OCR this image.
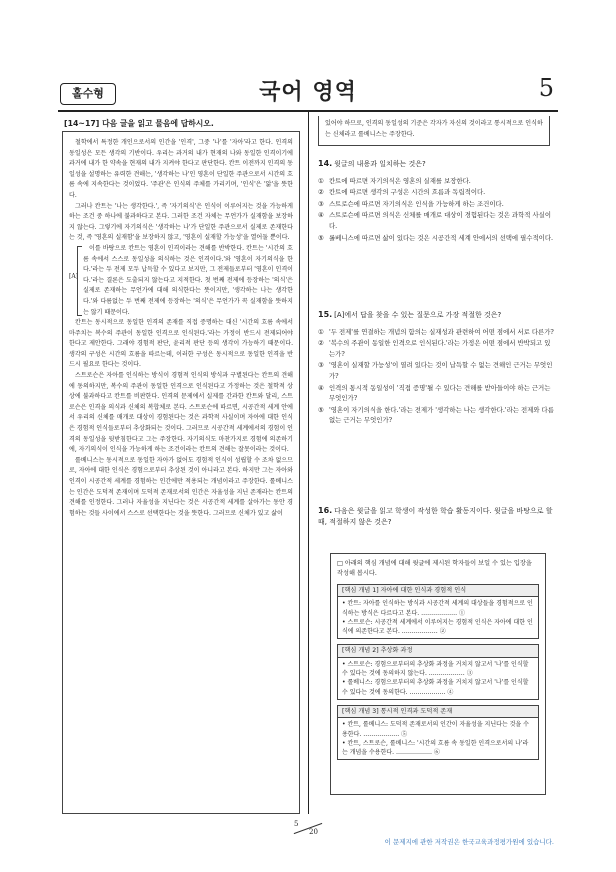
홀수형	국어 영역	5
[14~17] 다음 글을 읽고 물음에 답하시오.

철학에서 특정한 개인으로서의 인간을 '인격', 그중 '나'를 '자아'라고 한다. 인격의 동일성은 모든 생각의 기반이다. 우리는 과거의 내가 현재의 나와 동일한 인격이기에 과거에 내가 한 약속을 현재의 내가 지켜야 한다고 판단한다. 칸트 이전까지 인격의 동일성을 설명하는 유력한 견해는, '생각하는 나'인 영혼이 단일한 주관으로서 시간의 흐름 속에 지속한다는 것이었다. '주관'은 인식의 주체를 가리키며, '인식'은 '앎'을 뜻한다.

그러나 칸트는 '나는 생각한다.', 즉 '자기의식'은 인식이 이루어지는 것을 가능하게 하는 조건 중 하나에 불과하다고 본다. 그러한 조건 자체는 무언가가 실재함을 보장하지 않는다. 그렇기에 자기의식은 '생각하는 나'가 단일한 주관으로서 실제로 존재한다는 것, 즉 '영혼의 실재함'을 보장하지 않고, '영혼이 실재할 가능성'을 열어둘 뿐이다.

[A]

이를 바탕으로 칸트는 영혼이 인격이라는 견해를 반박한다. 칸트는 '시간의 흐름 속에서 스스로 동일성을 의식하는 것은 인격이다.'와 '영혼이 자기의식을 한다.'라는 두 전제 모두 납득할 수 있다고 보지만, 그 전제들로부터 '영혼이 인격이다.'라는 결론은 도출되지 않는다고 지적한다. 첫 번째 전제에 등장하는 '의식'은 실제로 존재하는 무언가에 대해 의식한다는 뜻이지만, '생각하는 나는 생각한다.'와 다름없는 두 번째 전제에 등장하는 '의식'은 무언가가 꼭 실재함을 뜻하지는 않기 때문이다.

칸트는 동시적으로 동일한 인격의 존재를 직접 증명하는 대신 '시간의 흐름 속에서 마주치는 복수의 주관이 동일한 인격으로 인식된다.'라는 가정이 반드시 전제되어야 한다고 제안한다. 그래야 경험적 판단, 윤리적 판단 등의 생각이 가능하기 때문이다. 생각의 구성은 시간의 흐름을 따르는데, 이러한 구성은 동시적으로 동일한 인격을 반드시 필요로 한다는 것이다.

스트로슨은 자아를 인식하는 방식이 경험적 인식의 방식과 구별된다는 칸트의 견해에 동의하지만, 복수의 주관이 동일한 인격으로 인식된다고 가정하는 것은 철학적 상상에 불과하다고 칸트를 비판한다. 인격의 문제에서 실제를 간과한 칸트와 달리, 스트로슨은 인격을 의식과 신체의 복합체로 본다. 스트로슨에 따르면, 시공간적 세계 안에서 우리의 신체를 매개로 대상이 경험된다는 것은 과학적 사실이며 자아에 대한 인식은 경험적 인식들로부터 추상화되는 것이다. 그러므로 시공간적 세계에서의 경험이 인격의 동일성을 뒷받침한다고 그는 주장한다. 자기의식도 마찬가지로 경험에 의존하기에, 자기의식이 인식을 가능하게 하는 조건이라는 칸트의 견해는 잘못이라는 것이다.

롤베니스는 동시적으로 동일한 자아가 없어도 경험적 인식이 성립할 수 조차 없으므로, 자아에 대한 인식은 경험으로부터 추상된 것이 아니라고 본다. 하지만 그는 자아와 인격이 시공간적 세계를 경험하는 인간에만 적용되는 개념이라고 주장한다. 롤베니스는 인간은 도덕적 존재이며 도덕적 존재로서의 인간은 자율성을 지닌 존재라는 칸트의 견해를 인정한다. 그러나 자율성을 지닌다는 것은 시공간적 세계를 살아가는 동안 경험하는 것들 사이에서 스스로 선택한다는 것을 뜻한다. 그러므로 신체가 있고 삶이

있어야 하므로, 인격의 동일성의 기준은 각자가 자신의 것이라고 통시적으로 인식하는 신체라고 롤베니스는 주장한다.
14. 윗글의 내용과 일치하는 것은?
① 칸트에 따르면 자기의식은 영혼의 실재를 보장한다.
② 칸트에 따르면 생각의 구성은 시간의 흐름과 독립적이다.
③ 스트로슨에 따르면 자기의식은 인식을 가능하게 하는 조건이다.
④ 스트로슨에 따르면 의식은 신체를 매개로 대상이 경험된다는 것은 과학적 사실이다.
⑤ 롤베니스에 따르면 삶이 있다는 것은 시공간적 세계 안에서의 선택에 필수적이다.
15. [A]에서 답을 찾을 수 있는 질문으로 가장 적절한 것은?
① '두 전제'를 연결하는 개념의 함의는 실재성과 관련하여 어떤 점에서 서로 다른가?
② '복수의 주관이 동일한 인격으로 인식된다.'라는 가정은 어떤 점에서 반박되고 있는가?
③ '영혼이 실재할 가능성'이 열려 있다는 것이 납득할 수 없는 견해인 근거는 무엇인가?
④ 인격의 통시적 동일성이 '직접 증명'될 수 있다는 견해를 받아들이야 하는 근거는 무엇인가?
⑤ '영혼이 자기의식을 한다.'라는 전제가 '생각하는 나는 생각한다.'라는 전제와 다름없는 근거는 무엇인가?
16. 다음은 윗글을 읽고 학생이 작성한 학습 활동지이다. 윗글을 바탕으로 할 때, 적절하지 않은 것은?
□ 아래의 핵심 개념에 대해 윗글에 제시된 학자들이 보일 수 있는 입장을 작성해 봅시다.
[핵심 개념 1] 자아에 대한 인식과 경험적 인식
• 칸트: 자아를 인식하는 방식과 시공간적 세계의 대상들을 경험적으로 인식하는 방식은 다르다고 본다. ……………… ①
• 스트로슨: 시공간적 세계에서 이루어지는 경험적 인식은 자아에 대한 인식에 의존한다고 본다. ……………… ②
[핵심 개념 2] 추상화 과정
• 스트로슨: 경험으로부터의 추상화 과정을 거치지 않고서 '나'를 인식할 수 있다는 것에 동의하지 않는다. ……………… ③
• 롤베니스: 경험으로부터의 추상화 과정을 거치지 않고서 '나'를 인식할 수 있다는 것에 동의한다. ……………… ④
[핵심 개념 3] 통시적 인격과 도덕적 존재
• 칸트, 롤베니스: 도덕적 존재로서의 인간이 자율성을 지닌다는 것을 수용한다. ……………… ⑤
• 칸트, 스트로슨, 롤베니스: '시간의 흐름 속 동일한 인격으로서의 나'라는 개념을 수용한다. ……………… ⑥
5
20
이 문제지에 관한 저작권은 한국교육과정평가원에 있습니다.
